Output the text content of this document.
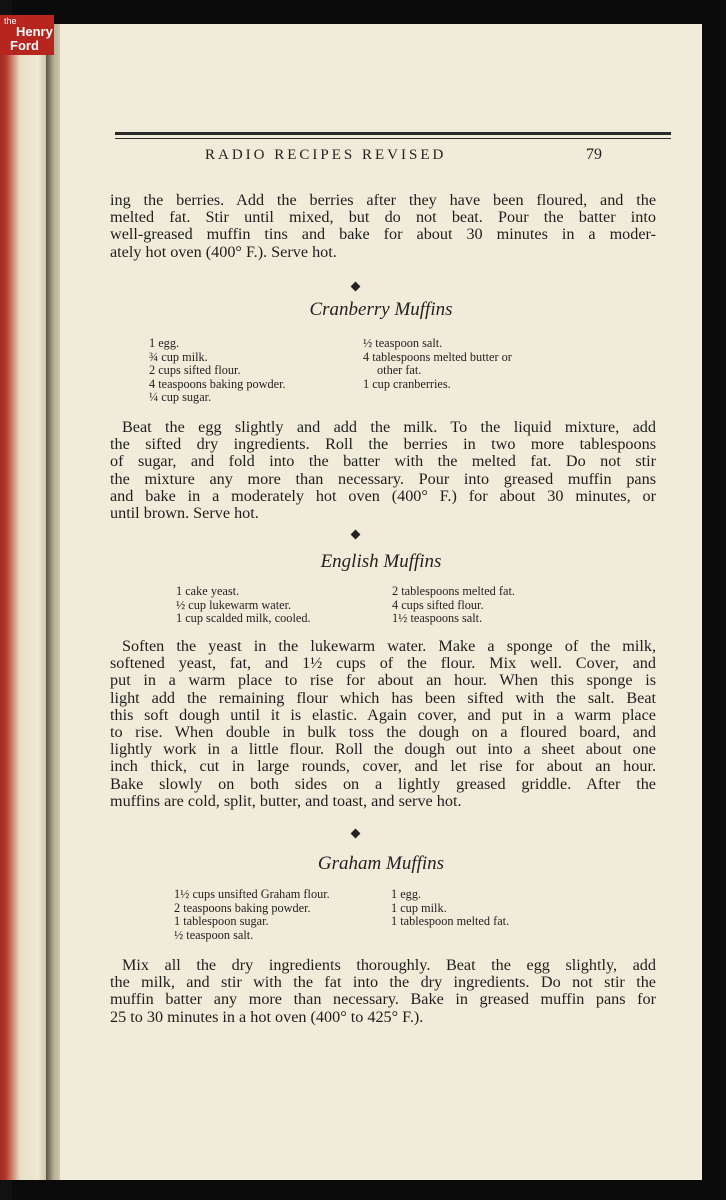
the
Henry
Ford
RADIO RECIPES REVISED	79
ing the berries. Add the berries after they have been floured, and the
melted fat. Stir until mixed, but do not beat. Pour the batter into
well-greased muffin tins and bake for about 30 minutes in a moder-
ately hot oven (400° F.). Serve hot.
Cranberry Muffins
1 egg.
¾ cup milk.
2 cups sifted flour.
4 teaspoons baking powder.
¼ cup sugar.
½ teaspoon salt.
4 tablespoons melted butter or
other fat.
1 cup cranberries.
Beat the egg slightly and add the milk. To the liquid mixture, add
the sifted dry ingredients. Roll the berries in two more tablespoons
of sugar, and fold into the batter with the melted fat. Do not stir
the mixture any more than necessary. Pour into greased muffin pans
and bake in a moderately hot oven (400° F.) for about 30 minutes, or
until brown. Serve hot.
English Muffins
1 cake yeast.
½ cup lukewarm water.
1 cup scalded milk, cooled.
2 tablespoons melted fat.
4 cups sifted flour.
1½ teaspoons salt.
Soften the yeast in the lukewarm water. Make a sponge of the milk,
softened yeast, fat, and 1½ cups of the flour. Mix well. Cover, and
put in a warm place to rise for about an hour. When this sponge is
light add the remaining flour which has been sifted with the salt. Beat
this soft dough until it is elastic. Again cover, and put in a warm place
to rise. When double in bulk toss the dough on a floured board, and
lightly work in a little flour. Roll the dough out into a sheet about one
inch thick, cut in large rounds, cover, and let rise for about an hour.
Bake slowly on both sides on a lightly greased griddle. After the
muffins are cold, split, butter, and toast, and serve hot.
Graham Muffins
1½ cups unsifted Graham flour.
2 teaspoons baking powder.
1 tablespoon sugar.
½ teaspoon salt.
1 egg.
1 cup milk.
1 tablespoon melted fat.
Mix all the dry ingredients thoroughly. Beat the egg slightly, add
the milk, and stir with the fat into the dry ingredients. Do not stir the
muffin batter any more than necessary. Bake in greased muffin pans for
25 to 30 minutes in a hot oven (400° to 425° F.).
